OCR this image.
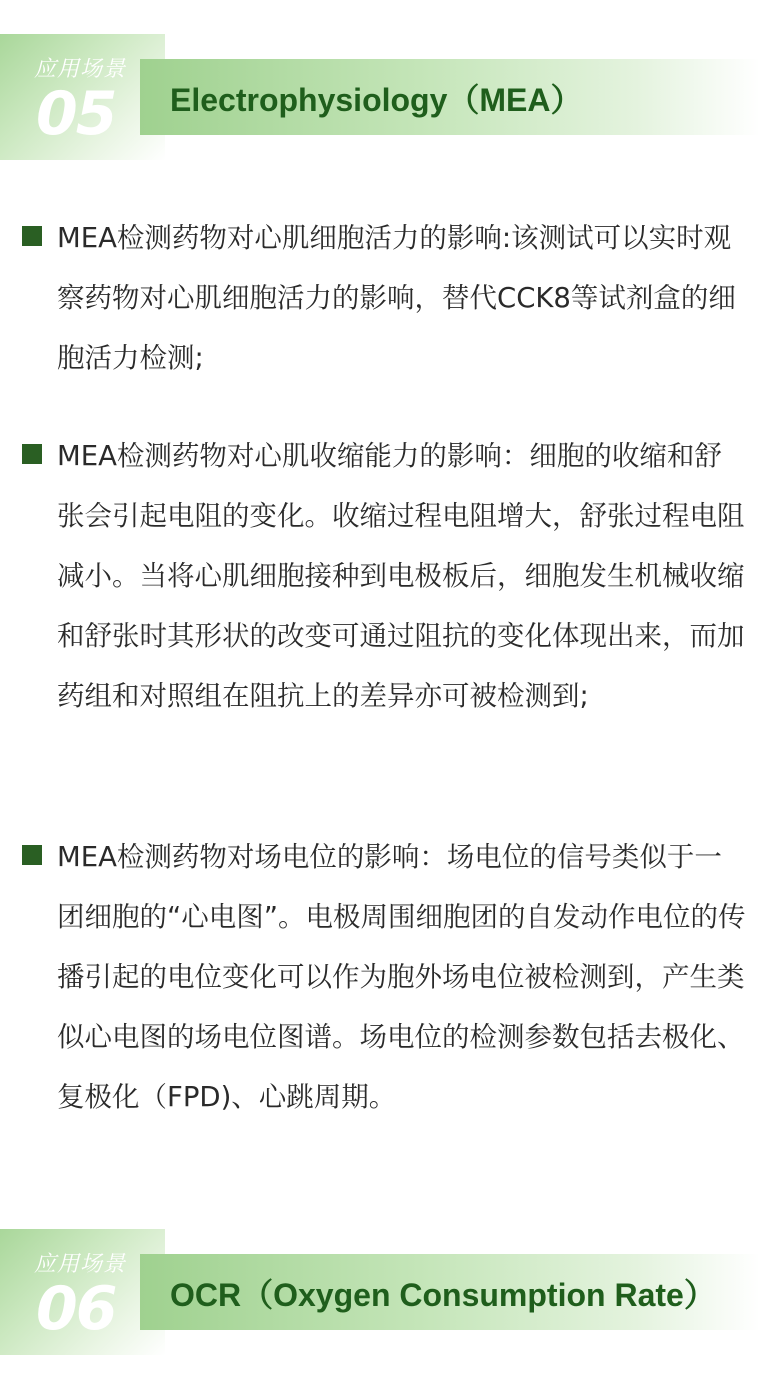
应用场景
05 Electrophysiology（MEA）

MEA检测药物对心肌细胞活力的影响:该测试可以实时观察药物对心肌细胞活力的影响，替代CCK8等试剂盒的细胞活力检测;

MEA检测药物对心肌收缩能力的影响：细胞的收缩和舒张会引起电阻的变化。收缩过程电阻增大，舒张过程电阻减小。当将心肌细胞接种到电极板后，细胞发生机械收缩和舒张时其形状的改变可通过阻抗的变化体现出来，而加药组和对照组在阻抗上的差异亦可被检测到;

MEA检测药物对场电位的影响：场电位的信号类似于一团细胞的“心电图”。电极周围细胞团的自发动作电位的传播引起的电位变化可以作为胞外场电位被检测到，产生类似心电图的场电位图谱。场电位的检测参数包括去极化、复极化（FPD)、心跳周期。

应用场景
06 OCR（Oxygen Consumption Rate）
